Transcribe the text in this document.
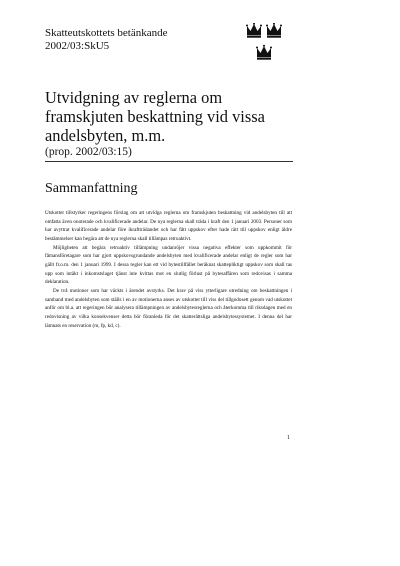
Skatteutskottets betänkande
2002/03:SkU5
Utvidgning av reglerna om
framskjuten beskattning vid vissa
andelsbyten, m.m.
(prop. 2002/03:15)
Sammanfattning

Utskottet tillstyrker regeringens förslag om att utvidga reglerna om framskjuten beskattning vid andelsbyten till att omfatta även onoterade och kvalificerade andelar. De nya reglerna skall träda i kraft den 1 januari 2003. Personer som har avyttrat kvalificerade andelar före ikraftträdandet och har fått uppskov efter hade rätt till uppskov enligt äldre bestämmelser kan begära att de nya reglerna skall tillämpas retroaktivt.

Möjligheten att begära retroaktiv tillämpning undanröjer vissa negativa effekter som uppkommit för fåmansföretagare som har gjort uppskovsgrundande andelsbyten med kvalificerade andelar enligt de regler som har gällt fr.o.m. den 1 januari 1999. I dessa regler kan ett vid bytestillfället beräknat skattepliktigt uppskov som skall tas upp som intäkt i inkomstslaget tjänst inte kvittas mot en slutlig förlust på bytesaffären som redovisas i samma deklaration.

De två motioner som har väckts i ärendet avstyrks. Det krav på viss ytterligare utredning om beskattningen i samband med andelsbyten som ställs i en av motionerna anses av utskottet till viss del tillgodosett genom vad utskottet anför om bl.a. att regeringen bör analysera tillämpningen av andelsbytesreglerna och återkomma till riksdagen med en redovisning av vilka konsekvenser detta bör föranleda för det skatterättsliga andelsbytessystemet. I denna del har lämnats en reservation (m, fp, kd, c).

1
